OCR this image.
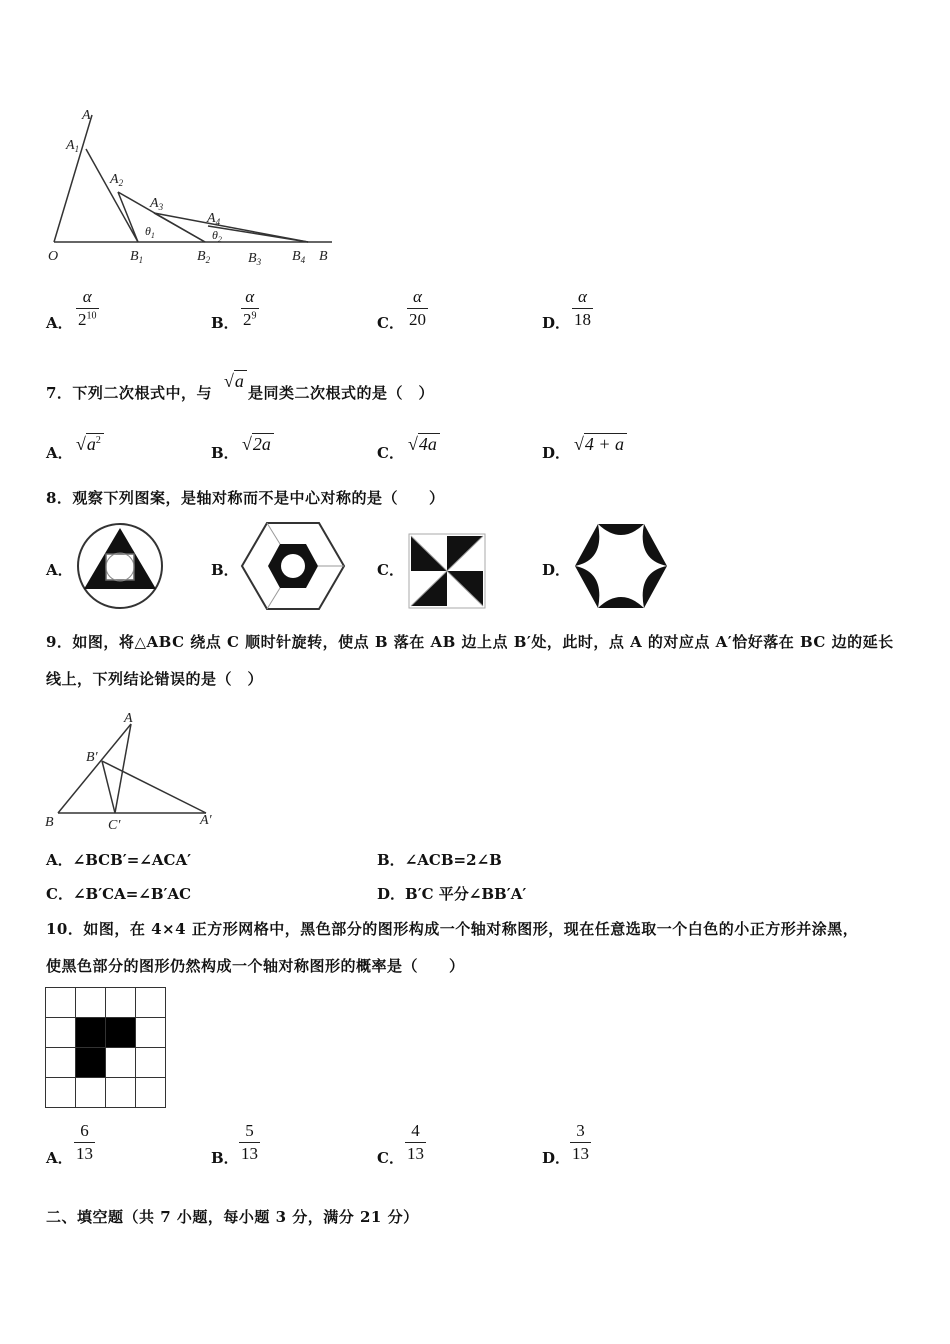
A
$A_1$
$A_2$
$A_3$
$A_4$
$\theta_1$	$\theta_2$
O	$B_1$	$B_2$	$B_3$ $B_4$ B
A．
α
$2^{10}$	B．
α
$2^9$	C．
α
20	D．
α
18
7．下列二次根式中，与 是同类二次根式的是（　）
√a
A． $√a^2$
B． √2a	C． √4a	D． √4 + a
8．观察下列图案，是轴对称而不是中心对称的是（　　）
A．	B．	C．	D．
9．如图，将△ABC 绕点 C 顺时针旋转，使点 B 落在 AB 边上点 B′处，此时，点 A 的对应点 A′恰好落在 BC 边的延长
线上，下列结论错误的是（　）
A
B′
B	C′	A′
A．∠BCB′=∠ACA′	B．∠ACB=2∠B
C．∠B′CA=∠B′AC	D．B′C 平分∠BB′A′
10．如图，在 4×4 正方形网格中，黑色部分的图形构成一个轴对称图形，现在任意选取一个白色的小正方形并涂黑，
使黑色部分的图形仍然构成一个轴对称图形的概率是（　　）
A．
6
13	B．
5
13	C．
4
13	D．
3
13
二、填空题（共 7 小题，每小题 3 分，满分 21 分）
